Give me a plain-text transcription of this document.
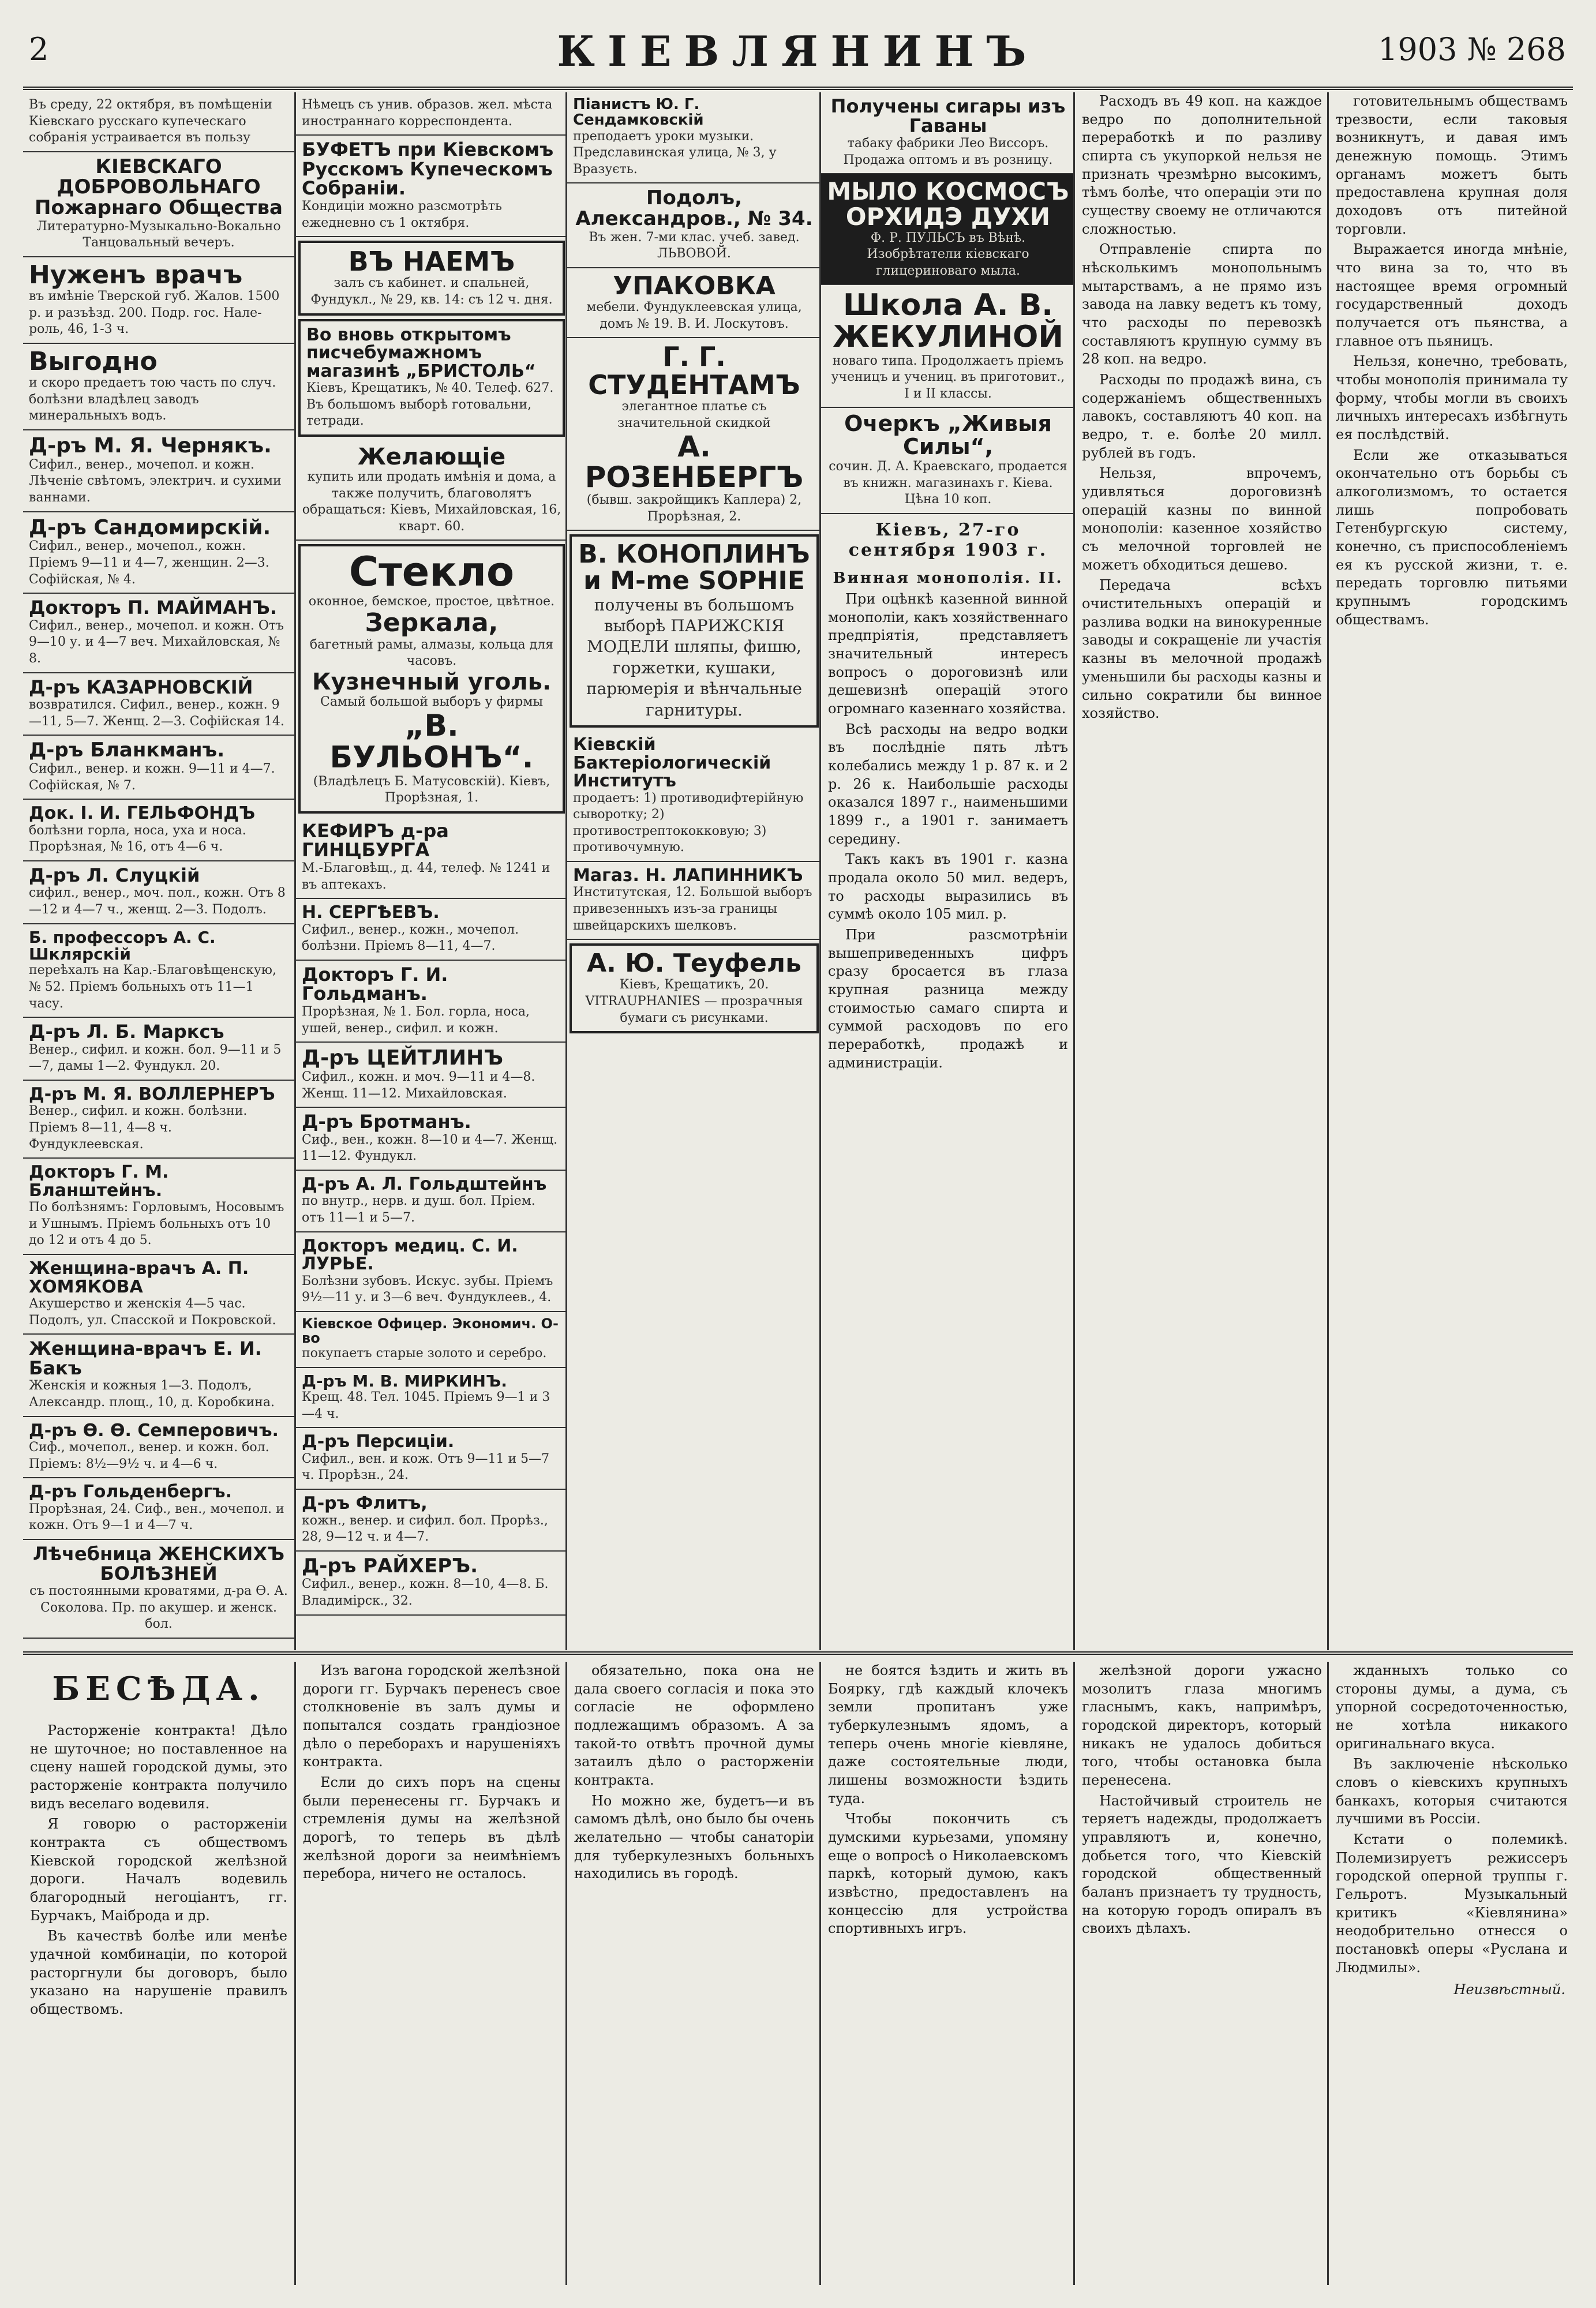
2	КІЕВЛЯНИНЪ	1903 № 268
Въ среду, 22 октября, въ помѣщеніи Кіевскаго русскаго купеческаго собранія устраивается въ пользу
КІЕВСКАГО ДОБРОВОЛЬНАГО Пожарнаго Общества
Литературно-Музыкально-Вокально Танцовальный вечеръ.
Нуженъ врачъ
въ имѣніе Тверской губ. Жалов. 1500 р. и разъѣзд. 200. Подр. гос. Нале-роль, 46, 1-3 ч.
Выгодно
и скоро предаетъ тою часть по случ. болѣзни владѣлец заводъ минеральныхъ водъ.
Д-ръ М. Я. Чернякъ.
Сифил., венер., мочепол. и кожн. Лѣченіе свѣтомъ, электрич. и сухими ваннами.
Д-ръ Сандомирскій.
Сифил., венер., мочепол., кожн. Пріемъ 9—11 и 4—7, женщин. 2—3. Софійская, № 4.
Докторъ П. МАЙМАНЪ.
Сифил., венер., мочепол. и кожн. Отъ 9—10 у. и 4—7 веч. Михайловская, № 8.
Д-ръ КАЗАРНОВСКІЙ
возвратился. Сифил., венер., кожн. 9—11, 5—7. Женщ. 2—3. Софійская 14.
Д-ръ Бланкманъ.
Сифил., венер. и кожн. 9—11 и 4—7. Софійская, № 7.
Док. І. И. ГЕЛЬФОНДЪ
болѣзни горла, носа, уха и носа. Прорѣзная, № 16, отъ 4—6 ч.
Д-ръ Л. Слуцкій
сифил., венер., моч. пол., кожн. Отъ 8—12 и 4—7 ч., женщ. 2—3. Подолъ.
Б. профессоръ А. С. Шклярскій
переѣхалъ на Кар.-Благовѣщенскую, № 52. Пріемъ больныхъ отъ 11—1 часу.
Д-ръ Л. Б. Марксъ
Венер., сифил. и кожн. бол. 9—11 и 5—7, дамы 1—2. Фундукл. 20.
Д-ръ М. Я. ВОЛЛЕРНЕРЪ
Венер., сифил. и кожн. болѣзни. Пріемъ 8—11, 4—8 ч. Фундуклеевская.
Докторъ Г. М. Бланштейнъ.
По болѣзнямъ: Горловымъ, Носовымъ и Ушнымъ. Пріемъ больныхъ отъ 10 до 12 и отъ 4 до 5.
Женщина-врачъ А. П. ХОМЯКОВА
Акушерство и женскія 4—5 час. Подолъ, ул. Спасской и Покровской.
Женщина-врачъ Е. И. Бакъ
Женскія и кожныя 1—3. Подолъ, Александр. площ., 10, д. Коробкина.
Д-ръ Ѳ. Ѳ. Семперовичъ.
Сиф., мочепол., венер. и кожн. бол. Пріемъ: 8½—9½ ч. и 4—6 ч.
Д-ръ Гольденбергъ.
Прорѣзная, 24. Сиф., вен., мочепол. и кожн. Отъ 9—1 и 4—7 ч.
Лѣчебница ЖЕНСКИХЪ БОЛѢЗНЕЙ
съ постоянными кроватями, д-ра Ѳ. А. Соколова. Пр. по акушер. и женск. бол.
Нѣмецъ съ унив. образов. жел. мѣста иностраннаго корреспондента.
БУФЕТЪ при Кіевскомъ Русскомъ Купеческомъ Собраніи.
Кондиціи можно разсмотрѣть ежедневно съ 1 октября.
ВЪ НАЕМЪ
залъ съ кабинет. и спальней, Фундукл., № 29, кв. 14: съ 12 ч. дня.
Во вновь открытомъ писчебумажномъ магазинѣ „БРИСТОЛЬ“
Кіевъ, Крещатикъ, № 40. Телеф. 627. Въ большомъ выборѣ готовальни, тетради.
Желающіе
купить или продать имѣнія и дома, а также получить, благоволятъ обращаться: Кіевъ, Михайловская, 16, кварт. 60.
Стекло
оконное, бемское, простое, цвѣтное.
Зеркала,
багетный рамы, алмазы, кольца для часовъ.
Кузнечный уголь.
Самый большой выборъ у фирмы
„В. БУЛЬОНЪ“.
(Владѣлецъ Б. Матусовскій). Кіевъ, Прорѣзная, 1.
КЕФИРЪ д-ра ГИНЦБУРГА
М.-Благовѣщ., д. 44, телеф. № 1241 и въ аптекахъ.
Н. СЕРГѢЕВЪ.
Сифил., венер., кожн., мочепол. болѣзни. Пріемъ 8—11, 4—7.
Докторъ Г. И. Гольдманъ.
Прорѣзная, № 1. Бол. горла, носа, ушей, венер., сифил. и кожн.
Д-ръ ЦЕЙТЛИНЪ
Сифил., кожн. и моч. 9—11 и 4—8. Женщ. 11—12. Михайловская.
Д-ръ Бротманъ.
Сиф., вен., кожн. 8—10 и 4—7. Женщ. 11—12. Фундукл.
Д-ръ А. Л. Гольдштейнъ
по внутр., нерв. и душ. бол. Пріем. отъ 11—1 и 5—7.
Докторъ медиц. С. И. ЛУРЬЕ.
Болѣзни зубовъ. Искус. зубы. Пріемъ 9½—11 у. и 3—6 веч. Фундуклеев., 4.
Кіевское Офицер. Экономич. О-во
покупаетъ старые золото и серебро.
Д-ръ М. В. МИРКИНЪ.
Крещ. 48. Тел. 1045. Пріемъ 9—1 и 3—4 ч.
Д-ръ Персиціи.
Сифил., вен. и кож. Отъ 9—11 и 5—7 ч. Прорѣзн., 24.
Д-ръ Флитъ,
кожн., венер. и сифил. бол. Прорѣз., 28, 9—12 ч. и 4—7.
Д-ръ РАЙХЕРЪ.
Сифил., венер., кожн. 8—10, 4—8. Б. Владимірск., 32.
Піанистъ Ю. Г. Сендамковскій
преподаетъ уроки музыки. Предславинская улица, № 3, у Вразуєть.
Подолъ, Александров., № 34.
Въ жен. 7-ми клас. учеб. завед. ЛЬВОВОЙ.
УПАКОВКА
мебели. Фундуклеевская улица, домъ № 19. В. И. Лоскутовъ.
Г. Г. СТУДЕНТАМЪ
элегантное платье съ значительной скидкой
А. РОЗЕНБЕРГЪ
(бывш. закройщикъ Каплера) 2, Прорѣзная, 2.
В. КОНОПЛИНЪ и M-me SOPHIE
получены въ большомъ выборѣ ПАРИЖСКІЯ МОДЕЛИ шляпы, фишю, горжетки, кушаки, парюмерія и вѣнчальные гарнитуры.
Кіевскій Бактеріологическій Институтъ
продаетъ: 1) противодифтерійную сыворотку; 2) противострептококковую; 3) противочумную.
Магаз. Н. ЛАПИННИКЪ
Институтская, 12. Большой выборъ привезенныхъ изъ-за границы швейцарскихъ шелковъ.
А. Ю. Теуфель
Кіевъ, Крещатикъ, 20. VITRAUPHANIES — прозрачныя бумаги съ рисунками.
Получены сигары изъ Гаваны
табаку фабрики Лео Виссоръ. Продажа оптомъ и въ розницу.
МЫЛО КОСМОСЪ ОРХИДЭ ДУХИ
Ф. Р. ПУЛЬСЪ въ Вѣнѣ. Изобрѣтатели кіевскаго глицериноваго мыла.
Школа А. В. ЖЕКУЛИНОЙ
новаго типа. Продолжаетъ пріемъ ученицъ и учениц. въ приготовит., I и II классы.
Очеркъ „Живыя Силы“,
сочин. Д. А. Краевскаго, продается въ книжн. магазинахъ г. Кіева. Цѣна 10 коп.
Кіевъ, 27-го сентября 1903 г.
Винная монополія. II.

При оцѣнкѣ казенной винной монополіи, какъ хозяйственнаго предпріятія, представляетъ значительный интересъ вопросъ о дороговизнѣ или дешевизнѣ операцій этого огромнаго казеннаго хозяйства.

Всѣ расходы на ведро водки въ послѣдніе пять лѣтъ колебались между 1 р. 87 к. и 2 р. 26 к. Наибольшіе расходы оказался 1897 г., наименьшими 1899 г., а 1901 г. занимаетъ середину.

Такъ какъ въ 1901 г. казна продала около 50 мил. ведеръ, то расходы выразились въ суммѣ около 105 мил. р.

При разсмотрѣніи вышеприведенныхъ цифръ сразу бросается въ глаза крупная разница между стоимостью самаго спирта и суммой расходовъ по его переработкѣ, продажѣ и администраціи.

Расходъ въ 49 коп. на каждое ведро по дополнительной переработкѣ и по разливу спирта съ укупоркой нельзя не признать чрезмѣрно высокимъ, тѣмъ болѣе, что операціи эти по существу своему не отличаются сложностью.

Отправленіе спирта по нѣсколькимъ монопольнымъ мытарствамъ, а не прямо изъ завода на лавку ведетъ къ тому, что расходы по перевозкѣ составляютъ крупную сумму въ 28 коп. на ведро.

Расходы по продажѣ вина, съ содержаніемъ общественныхъ лавокъ, составляютъ 40 коп. на ведро, т. е. болѣе 20 милл. рублей въ годъ.

Нельзя, впрочемъ, удивляться дороговизнѣ операцій казны по винной монополіи: казенное хозяйство съ мелочной торговлей не можетъ обходиться дешево.

Передача всѣхъ очистительныхъ операцій и разлива водки на винокуренные заводы и сокращеніе ли участія казны въ мелочной продажѣ уменьшили бы расходы казны и сильно сократили бы винное хозяйство.

готовительнымъ обществамъ трезвости, если таковыя возникнутъ, и давая имъ денежную помощь. Этимъ органамъ можетъ быть предоставлена крупная доля доходовъ отъ питейной торговли.

Выражается иногда мнѣніе, что вина за то, что въ настоящее время огромный государственный доходъ получается отъ пьянства, а главное отъ пьяницъ.

Нельзя, конечно, требовать, чтобы монополія принимала ту форму, чтобы могли въ своихъ личныхъ интересахъ избѣгнуть ея послѣдствій.

Если же отказываться окончательно отъ борьбы съ алкоголизмомъ, то остается лишь попробовать Гетенбургскую систему, конечно, съ приспособленіемъ ея къ русской жизни, т. е. передать торговлю питьями крупнымъ городскимъ обществамъ.

БЕСѢДА.

Расторженіе контракта! Дѣло не шуточное; но поставленное на сцену нашей городской думы, это расторженіе контракта получило видъ веселаго водевиля.

Я говорю о расторженіи контракта съ обществомъ Кіевской городской желѣзной дороги. Началъ водевиль благородный негоціантъ, гг. Бурчакъ, Маіброда и др.

Въ качествѣ болѣе или менѣе удачной комбинаціи, по которой расторгнули бы договоръ, было указано на нарушеніе правилъ обществомъ.

Изъ вагона городской желѣзной дороги гг. Бурчакъ перенесъ свое столкновеніе въ залъ думы и попытался создать грандіозное дѣло о переборахъ и нарушеніяхъ контракта.

Если до сихъ поръ на сцены были перенесены гг. Бурчакъ и стремленія думы на желѣзной дорогѣ, то теперь въ дѣлѣ желѣзной дороги за неимѣніемъ перебора, ничего не осталось.

обязательно, пока она не дала своего согласія и пока это согласіе не оформлено подлежащимъ образомъ. А за такой-то отвѣтъ прочной думы затаилъ дѣло о расторженіи контракта.

Но можно же, будетъ—и въ самомъ дѣлѣ, оно было бы очень желательно — чтобы санаторіи для туберкулезныхъ больныхъ находились въ городѣ.

не боятся ѣздить и жить въ Боярку, гдѣ каждый клочекъ земли пропитанъ уже туберкулезнымъ ядомъ, а теперь очень многіе кіевляне, даже состоятельные люди, лишены возможности ѣздить туда.

Чтобы покончить съ думскими курьезами, упомяну еще о вопросѣ о Николаевскомъ паркѣ, который думою, какъ извѣстно, предоставленъ на концессію для устройства спортивныхъ игръ.

желѣзной дороги ужасно мозолитъ глаза многимъ гласнымъ, какъ, напримѣръ, городской директоръ, который никакъ не удалось добиться того, чтобы остановка была перенесена.

Настойчивый строитель не теряетъ надежды, продолжаетъ управляютъ и, конечно, добьется того, что Кіевскій городской общественный баланъ признаетъ ту трудность, на которую городъ опиралъ въ своихъ дѣлахъ.

жданныхъ только со стороны думы, а дума, съ упорной сосредоточенностью, не хотѣла никакого оригинальнаго вкуса.

Въ заключеніе нѣсколько словъ о кіевскихъ крупныхъ банкахъ, которыя считаются лучшими въ Россіи.

Кстати о полемикѣ. Полемизируетъ режиссеръ городской оперной труппы г. Гельротъ. Музыкальный критикъ «Кіевлянина» неодобрительно отнесся о постановкѣ оперы «Руслана и Людмилы».

Неизвѣстный.
